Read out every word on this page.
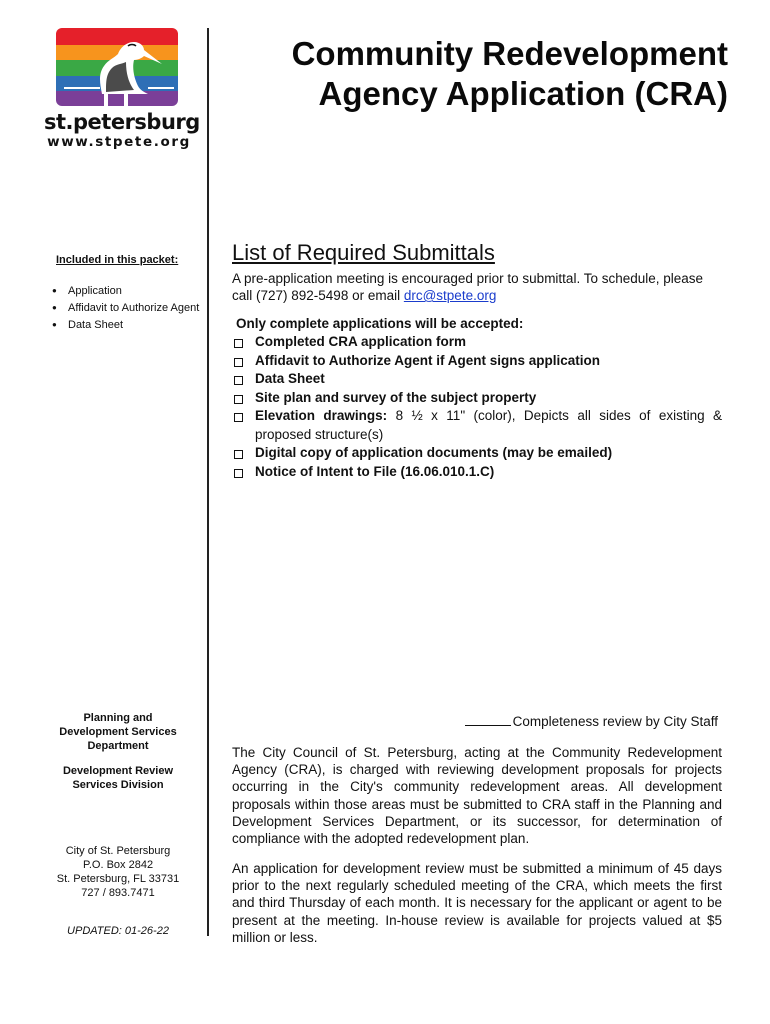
st.petersburg
www.stpete.org
Community Redevelopment
Agency Application (CRA)
Included in this packet:
● Application
● Affidavit to Authorize Agent
● Data Sheet
Planning and
Development Services
Department
Development Review
Services Division
City of St. Petersburg
P.O. Box 2842
St. Petersburg, FL 33731
727 / 893.7471
UPDATED: 01-26-22
List of Required Submittals
A pre-application meeting is encouraged prior to submittal. To schedule, please call (727) 892-5498 or email drc@stpete.org
Only complete applications will be accepted:
Completed CRA application form
Affidavit to Authorize Agent if Agent signs application
Data Sheet
Site plan and survey of the subject property
Elevation drawings: 8 ½ x 11" (color), Depicts all sides of existing & proposed structure(s)
Digital copy of application documents (may be emailed)
Notice of Intent to File (16.06.010.1.C)
Completeness review by City Staff

The City Council of St. Petersburg, acting at the Community Redevelopment Agency (CRA), is charged with reviewing development proposals for projects occurring in the City's community redevelopment areas. All development proposals within those areas must be submitted to CRA staff in the Planning and Development Services Department, or its successor, for determination of compliance with the adopted redevelopment plan.

An application for development review must be submitted a minimum of 45 days prior to the next regularly scheduled meeting of the CRA, which meets the first and third Thursday of each month. It is necessary for the applicant or agent to be present at the meeting. In-house review is available for projects valued at $5 million or less.
